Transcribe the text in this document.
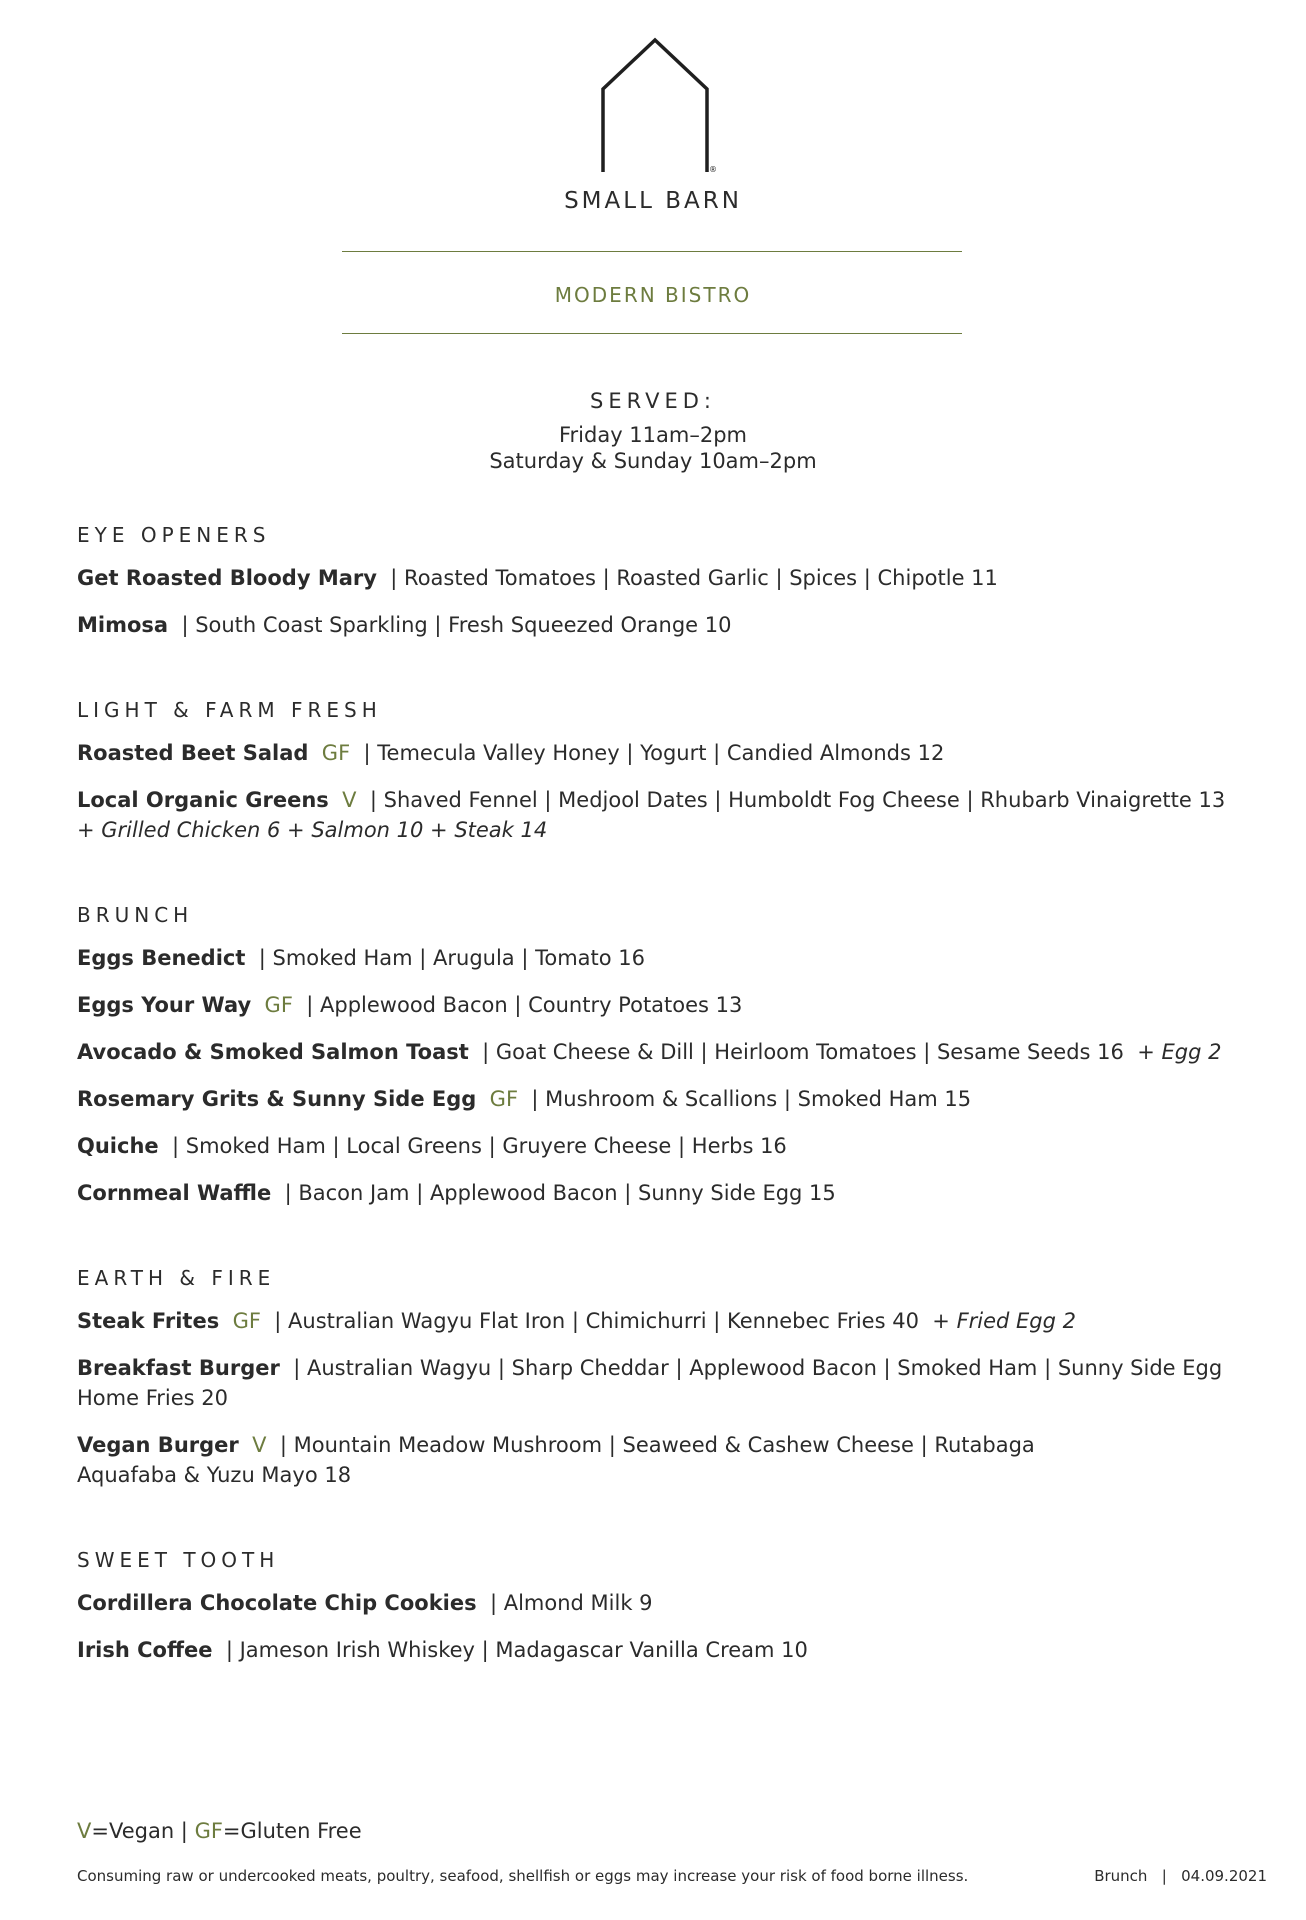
®
SMALL BARN
MODERN BISTRO
SERVED:
Friday 11am–2pm
Saturday & Sunday 10am–2pm
EYE OPENERS
Get Roasted Bloody Mary | Roasted Tomatoes | Roasted Garlic | Spices | Chipotle 11
Mimosa | South Coast Sparkling | Fresh Squeezed Orange 10
LIGHT & FARM FRESH
Roasted Beet Salad GF | Temecula Valley Honey | Yogurt | Candied Almonds 12
Local Organic Greens V | Shaved Fennel | Medjool Dates | Humboldt Fog Cheese | Rhubarb Vinaigrette 13
+ Grilled Chicken 6 + Salmon 10 + Steak 14
BRUNCH
Eggs Benedict | Smoked Ham | Arugula | Tomato 16
Eggs Your Way GF | Applewood Bacon | Country Potatoes 13
Avocado & Smoked Salmon Toast | Goat Cheese & Dill | Heirloom Tomatoes | Sesame Seeds 16 + Egg 2
Rosemary Grits & Sunny Side Egg GF | Mushroom & Scallions | Smoked Ham 15
Quiche | Smoked Ham | Local Greens | Gruyere Cheese | Herbs 16
Cornmeal Waffle | Bacon Jam | Applewood Bacon | Sunny Side Egg 15
EARTH & FIRE
Steak Frites GF | Australian Wagyu Flat Iron | Chimichurri | Kennebec Fries 40 + Fried Egg 2
Breakfast Burger | Australian Wagyu | Sharp Cheddar | Applewood Bacon | Smoked Ham | Sunny Side Egg
Home Fries 20
Vegan Burger V | Mountain Meadow Mushroom | Seaweed & Cashew Cheese | Rutabaga
Aquafaba & Yuzu Mayo 18
SWEET TOOTH
Cordillera Chocolate Chip Cookies | Almond Milk 9
Irish Coffee | Jameson Irish Whiskey | Madagascar Vanilla Cream 10
V=Vegan | GF=Gluten Free
Consuming raw or undercooked meats, poultry, seafood, shellfish or eggs may increase your risk of food borne illness.	Brunch | 04.09.2021
